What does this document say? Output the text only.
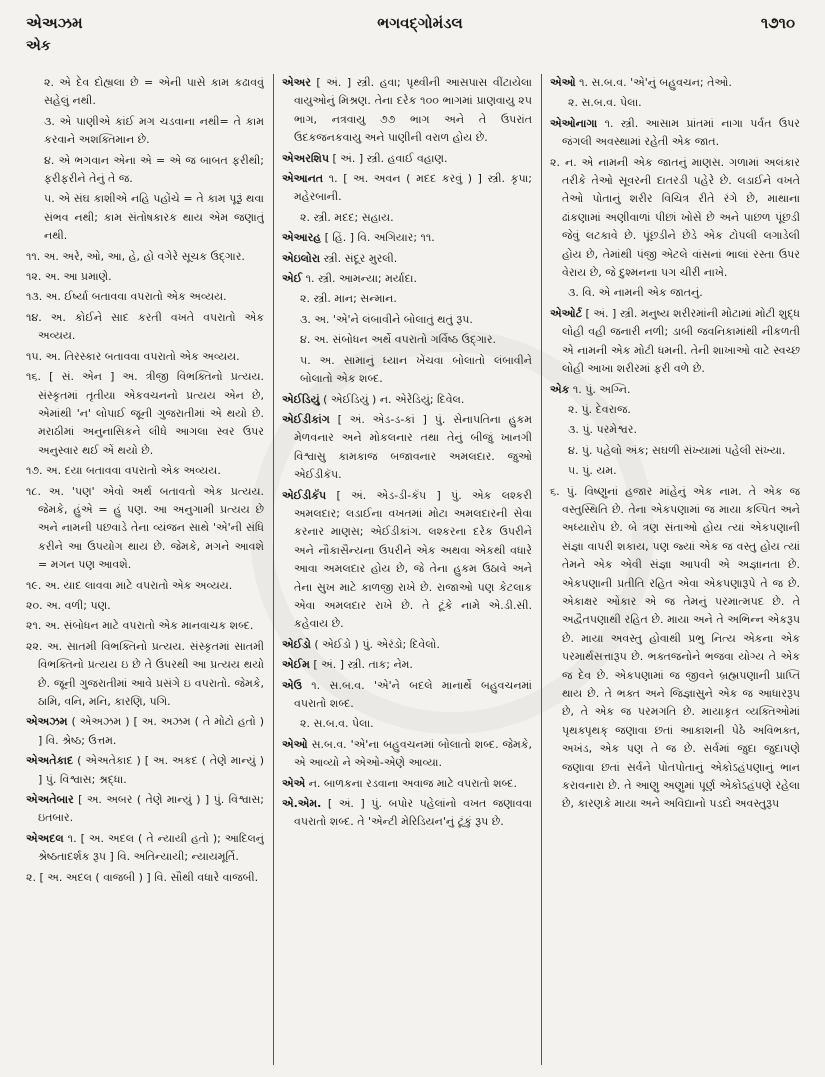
એઅઝમ
એક
ભગવદ્ગોમંડલ	૧૭૧૦

૨. એ દેવ દોહ્યલા છે = એની પાસે કામ કઢાવવું સહેલું નથી.

૩. એ પાણીએ કાંઈ મગ ચડવાના નથી= તે કામ કરવાને અશક્તિમાન છે.

૪. એ ભગવાન એના એ = એ જ બાબત ફરીથી; ફરીફરીને તેનું તે જ.

૫. એ સંઘ કાશીએ નહિ પહોંચે = તે કામ પૂરૂં થવા સંભવ નથી; કામ સંતોષકારક થાય એમ જણાતું નથી.

૧૧. અ. અરે, ઓ, આ, હે, હો વગેરે સૂચક ઉદ્ગાર.

૧૨. અ. આ પ્રમાણે.

૧૩. અ. ઈર્ષ્યા બતાવવા વપરાતો એક અવ્યય.

૧૪. અ. કોઈને સાદ કરતી વખતે વપરાતો એક અવ્યય.

૧૫. અ. તિરસ્કાર બતાવવા વપરાતો એક અવ્યય.

૧૬. [ સં. એન ] અ. ત્રીજી વિભક્તિનો પ્રત્યય. સંસ્કૃતમાં તૃતીયા એકવચનનો પ્રત્યય એન છે, એમાંથી 'ન' લોપાઈ જૂની ગુજરાતીમાં એ થયો છે. મરાઠીમાં અનુનાસિકને લીધે આગલા સ્વર ઉપર અનુસ્વાર થઈ એં થયો છે.

૧૭. અ. દયા બતાવવા વપરાતો એક અવ્યય.

૧૮. અ. 'પણ' એવો અર્થ બતાવતો એક પ્રત્યય. જેમકે, હુંએ = હું પણ. આ અનુગામી પ્રત્યય છે અને નામની પછવાડે તેના વ્યંજન સાથે 'એ'ની સંધિ કરીને આ ઉપયોગ થાય છે. જેમકે, મગને આવશે = મગન પણ આવશે.

૧૯. અ. યાદ લાવવા માટે વપરાતો એક અવ્યય.

૨૦. અ. વળી; પણ.

૨૧. અ. સંબોધન માટે વપરાતો એક માનવાચક શબ્દ.

૨૨. અ. સાતમી વિભક્તિનો પ્રત્યય. સંસ્કૃતમાં સાતમી વિભક્તિનો પ્રત્યય ઇ છે તે ઉપરથી આ પ્રત્યય થયો છે. જૂની ગુજરાતીમાં આવે પ્રસંગે ઇ વપરાતો. જેમકે, ઠામિ, વનિ, મનિ, કારણિ, પગિ.

એઅઝમ ( એઅઝમ ) [ અ. અઝમ ( તે મોટો હતો ) ] વિ. શ્રેષ્ઠ; ઉત્તમ.

એઅતેકાદ ( એઅતેકાદ ) [ અ. અકદ ( તેણે માન્યું ) ] પું. વિશ્વાસ; શ્રદ્ધા.

એઅતેબાર [ અ. અબર ( તેણે માન્યું ) ] પું. વિશ્વાસ; ઇતબાર.

એઅદલ ૧. [ અ. અદલ ( તે ન્યાયી હતો ); આદિલનું શ્રેષ્ઠતાદર્શક રૂપ ] વિ. અતિન્યાયી; ન્યાયમૂર્તિ.

૨. [ અ. અદલ ( વાજબી ) ] વિ. સૌથી વધારે વાજબી.

એઅર [ અં. ] સ્ત્રી. હવા; પૃથ્વીની આસપાસ વીંટાયેલા વાયુઓનું મિશ્રણ. તેના દરેક ૧૦૦ ભાગમાં પ્રાણવાયુ ૨૫ ભાગ, નત્રવાયુ ૭૭ ભાગ અને તે ઉપરાંત ઉદકજનકવાયુ અને પાણીની વરાળ હોય છે.

એઅરશિપ [ અં. ] સ્ત્રી. હવાઈ વહાણ.

એઆનત ૧. [ અ. અવન ( મદદ કરવું ) ] સ્ત્રી. કૃપા; મહેરબાની.

૨. સ્ત્રી. મદદ; સહાય.

એઆરહ [ હિં. ] વિ. અગિયાર; ૧૧.

એઇલોરા સ્ત્રી. સંદૂર મુરલી.

એઈ ૧. સ્ત્રી. આમન્યા; મર્યાદા.

૨. સ્ત્રી. માન; સન્માન.

૩. અ. 'એ'ને લંબાવીને બોલાતું થતું રૂપ.

૪. અ. સંબોધન અર્થે વપરાતો ગર્વિષ્ઠ ઉદ્ગાર.

૫. અ. સામાનું ધ્યાન ખેંચવા બોલાતો લંબાવીને બોલાતો એક શબ્દ.

એઈડિયું ( એઈડિયું ) ન. એરેડિયું; દિવેલ.

એઈડીકાંગ [ અં. એડ-ડ-કાં ] પું. સેનાપતિના હુકમ મેળવનાર અને મોકલનાર તથા તેનું બીજું ખાનગી વિશ્વાસુ કામકાજ બજાવનાર અમલદાર. જુઓ એઈડીકૅપ.

એઈડીકૅંપ [ અં. એડ-ડી-કૅંપ ] પું. એક લશ્કરી અમલદાર; લડાઈના વખતમાં મોટા અમલદારની સેવા કરનાર માણસ; એઈડીકાંગ. લશ્કરના દરેક ઉપરીને અને નૌકાસૈન્યના ઉપરીને એક અથવા એકથી વધારે આવા અમલદાર હોય છે, જે તેના હુકમ ઉઠાવે અને તેના સુખ માટે કાળજી રાખે છે. રાજાઓ પણ કેટલાક એવા અમલદાર રાખે છે. તે ટૂંકે નામે એ.ડી.સી. કહેવાય છે.

એઈડો ( એઈડો ) પું. એરંડો; દિવેલો.

એઈમ [ અં. ] સ્ત્રી. તાક; નેમ.

એઉ ૧. સ.બ.વ. 'એ'ને બદલે માનાર્થે બહુવચનમાં વપરાતો શબ્દ.

૨. સ.બ.વ. પેલા.

એઓ સ.બ.વ. 'એ'ના બહુવચનમાં બોલાતો શબ્દ. જેમકે, એ આવ્યો ને એઓ-એણે આવ્યા.

એએ ન. બાળકના રડવાના અવાજ માટે વપરાતો શબ્દ.

એ.એમ. [ અં. ] પું. બપોર પહેલાંનો વખત જણાવવા વપરાતો શબ્દ. તે 'એન્ટી મેરિડિયન'નું ટૂંકું રૂપ છે.

એઓ ૧. સ.બ.વ. 'એ'નું બહુવચન; તેઓ.

૨. સ.બ.વ. પેલા.

એઓનાગા ૧. સ્ત્રી. આસામ પ્રાંતમાં નાગા પર્વત ઉપર જંગલી અવસ્થામાં રહેતી એક જાત.

૨. ન. એ નામની એક જાતનું માણસ. ગળામાં અલંકાર તરીકે તેઓ સૂવરની દાતરડી પહેરે છે. લડાઈને વખતે તેઓ પોતાનું શરીર વિચિત્ર રીતે રંગે છે, માથાના ઢાંકણામાં અણીવાળાં પીછાં ખોસે છે અને પાછળ પૂંછડી જેવું લટકાવે છે. પૂંછડીને છેડે એક ટોપલી લગાડેલી હોય છે, તેમાંથી પંજી એટલે વાંસનાં ભાલાં રસ્તા ઉપર વેરાય છે, જે દુશ્મનના પગ ચીરી નાખે.

૩. વિ. એ નામની એક જાતનું.

એઓર્ટ [ અં. ] સ્ત્રી. મનુષ્ય શરીરમાંની મોટામાં મોટી શુદ્ધ લોહી વહી જનારી નળી; ડાબી જવનિકામાંથી નીકળતી એ નામની એક મોટી ધમની. તેની શાખાઓ વાટે સ્વચ્છ લોહી આખા શરીરમાં ફરી વળે છે.

એક ૧. પું. અગ્નિ.

૨. પું. દેવરાજ.

૩. પું. પરમેશ્વર.

૪. પું. પહેલો અંક; સઘળી સંખ્યામાં પહેલી સંખ્યા.

૫. પું. યમ.

૬. પું. વિષ્ણુનાં હજાર માંહેનું એક નામ. તે એક જ વસ્તુસ્થિતિ છે. તેના એકપણામાં જ માયા કલ્પિત અને અધ્યારોપ છે. બે ત્રણ સંતાઓ હોય ત્યાં એકપણાની સંજ્ઞા વાપરી શકાય, પણ જ્યાં એક જ વસ્તુ હોય ત્યાં તેમને એક એવી સંજ્ઞા આપવી એ અજ્ઞાનતા છે. એકપણાની પ્રતીતિ રહિત એવા એકપણારૂપે તે જ છે. એકાક્ષર ઓંકાર એ જ તેમનું પરમાત્મપદ છે. તે અદ્વૈતપણાથી રહિત છે. માયા અને તે અભિન્ન એકરૂપ છે. માયા અવસ્તુ હોવાથી પ્રભુ નિત્ય એકના એક પરમાર્થસત્તારૂપ છે. ભક્તજનોને ભજવા યોગ્ય તે એક જ દેવ છે. એકપણામાં જ જીવને બ્રહ્મપણાની પ્રાપ્તિ થાય છે. તે ભક્ત અને જિજ્ઞાસુને એક જ આધારરૂપ છે, તે એક જ પરમગતિ છે. માયાકૃત વ્યક્તિઓમાં પૃથક્પૃથક્ જણાવા છતાં આકાશની પેઠે અવિભક્ત, અખંડ, એક પણ તે જ છે. સર્વમાં જુદા જુદાપણે જણાવા છતાં સર્વને પોતપોતાનું એકોઽહંપણાનું ભાન કરાવનારા છે. તે આણુ અણુમાં પૂર્ણ એકોઽહંપણે રહેલા છે, કારણકે માયા અને અવિદ્યાનો પડદો અવસ્તુરૂપ
